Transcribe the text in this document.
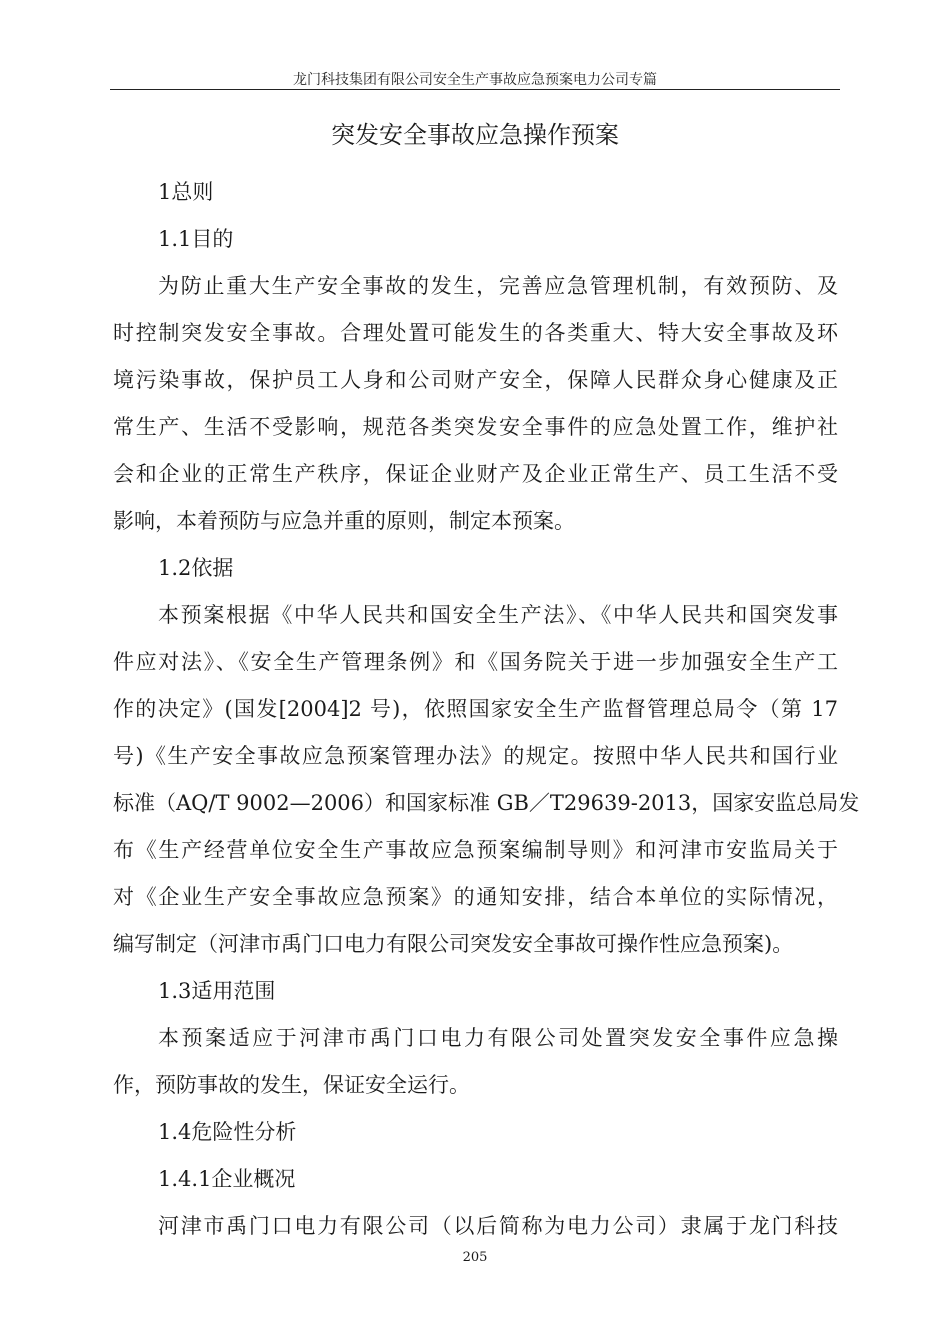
龙门科技集团有限公司安全生产事故应急预案电力公司专篇
突发安全事故应急操作预案
1总则
1.1目的
为防止重大生产安全事故的发生，完善应急管理机制，有效预防、及
时控制突发安全事故。合理处置可能发生的各类重大、特大安全事故及环
境污染事故，保护员工人身和公司财产安全，保障人民群众身心健康及正
常生产、生活不受影响，规范各类突发安全事件的应急处置工作，维护社
会和企业的正常生产秩序，保证企业财产及企业正常生产、员工生活不受
影响，本着预防与应急并重的原则，制定本预案。
1.2依据
本预案根据《中华人民共和国安全生产法》、《中华人民共和国突发事
件应对法》、《安全生产管理条例》和《国务院关于进一步加强安全生产工
作的决定》(国发[2004]2 号)，依照国家安全生产监督管理总局令（第 17
号)《生产安全事故应急预案管理办法》的规定。按照中华人民共和国行业
标准（AQ/T 9002—2006）和国家标准 GB／T29639-2013，国家安监总局发
布《生产经营单位安全生产事故应急预案编制导则》和河津市安监局关于
对《企业生产安全事故应急预案》的通知安排，结合本单位的实际情况，
编写制定（河津市禹门口电力有限公司突发安全事故可操作性应急预案)。
1.3适用范围
本预案适应于河津市禹门口电力有限公司处置突发安全事件应急操
作，预防事故的发生，保证安全运行。
1.4危险性分析
1.4.1企业概况
河津市禹门口电力有限公司（以后简称为电力公司）隶属于龙门科技
205
